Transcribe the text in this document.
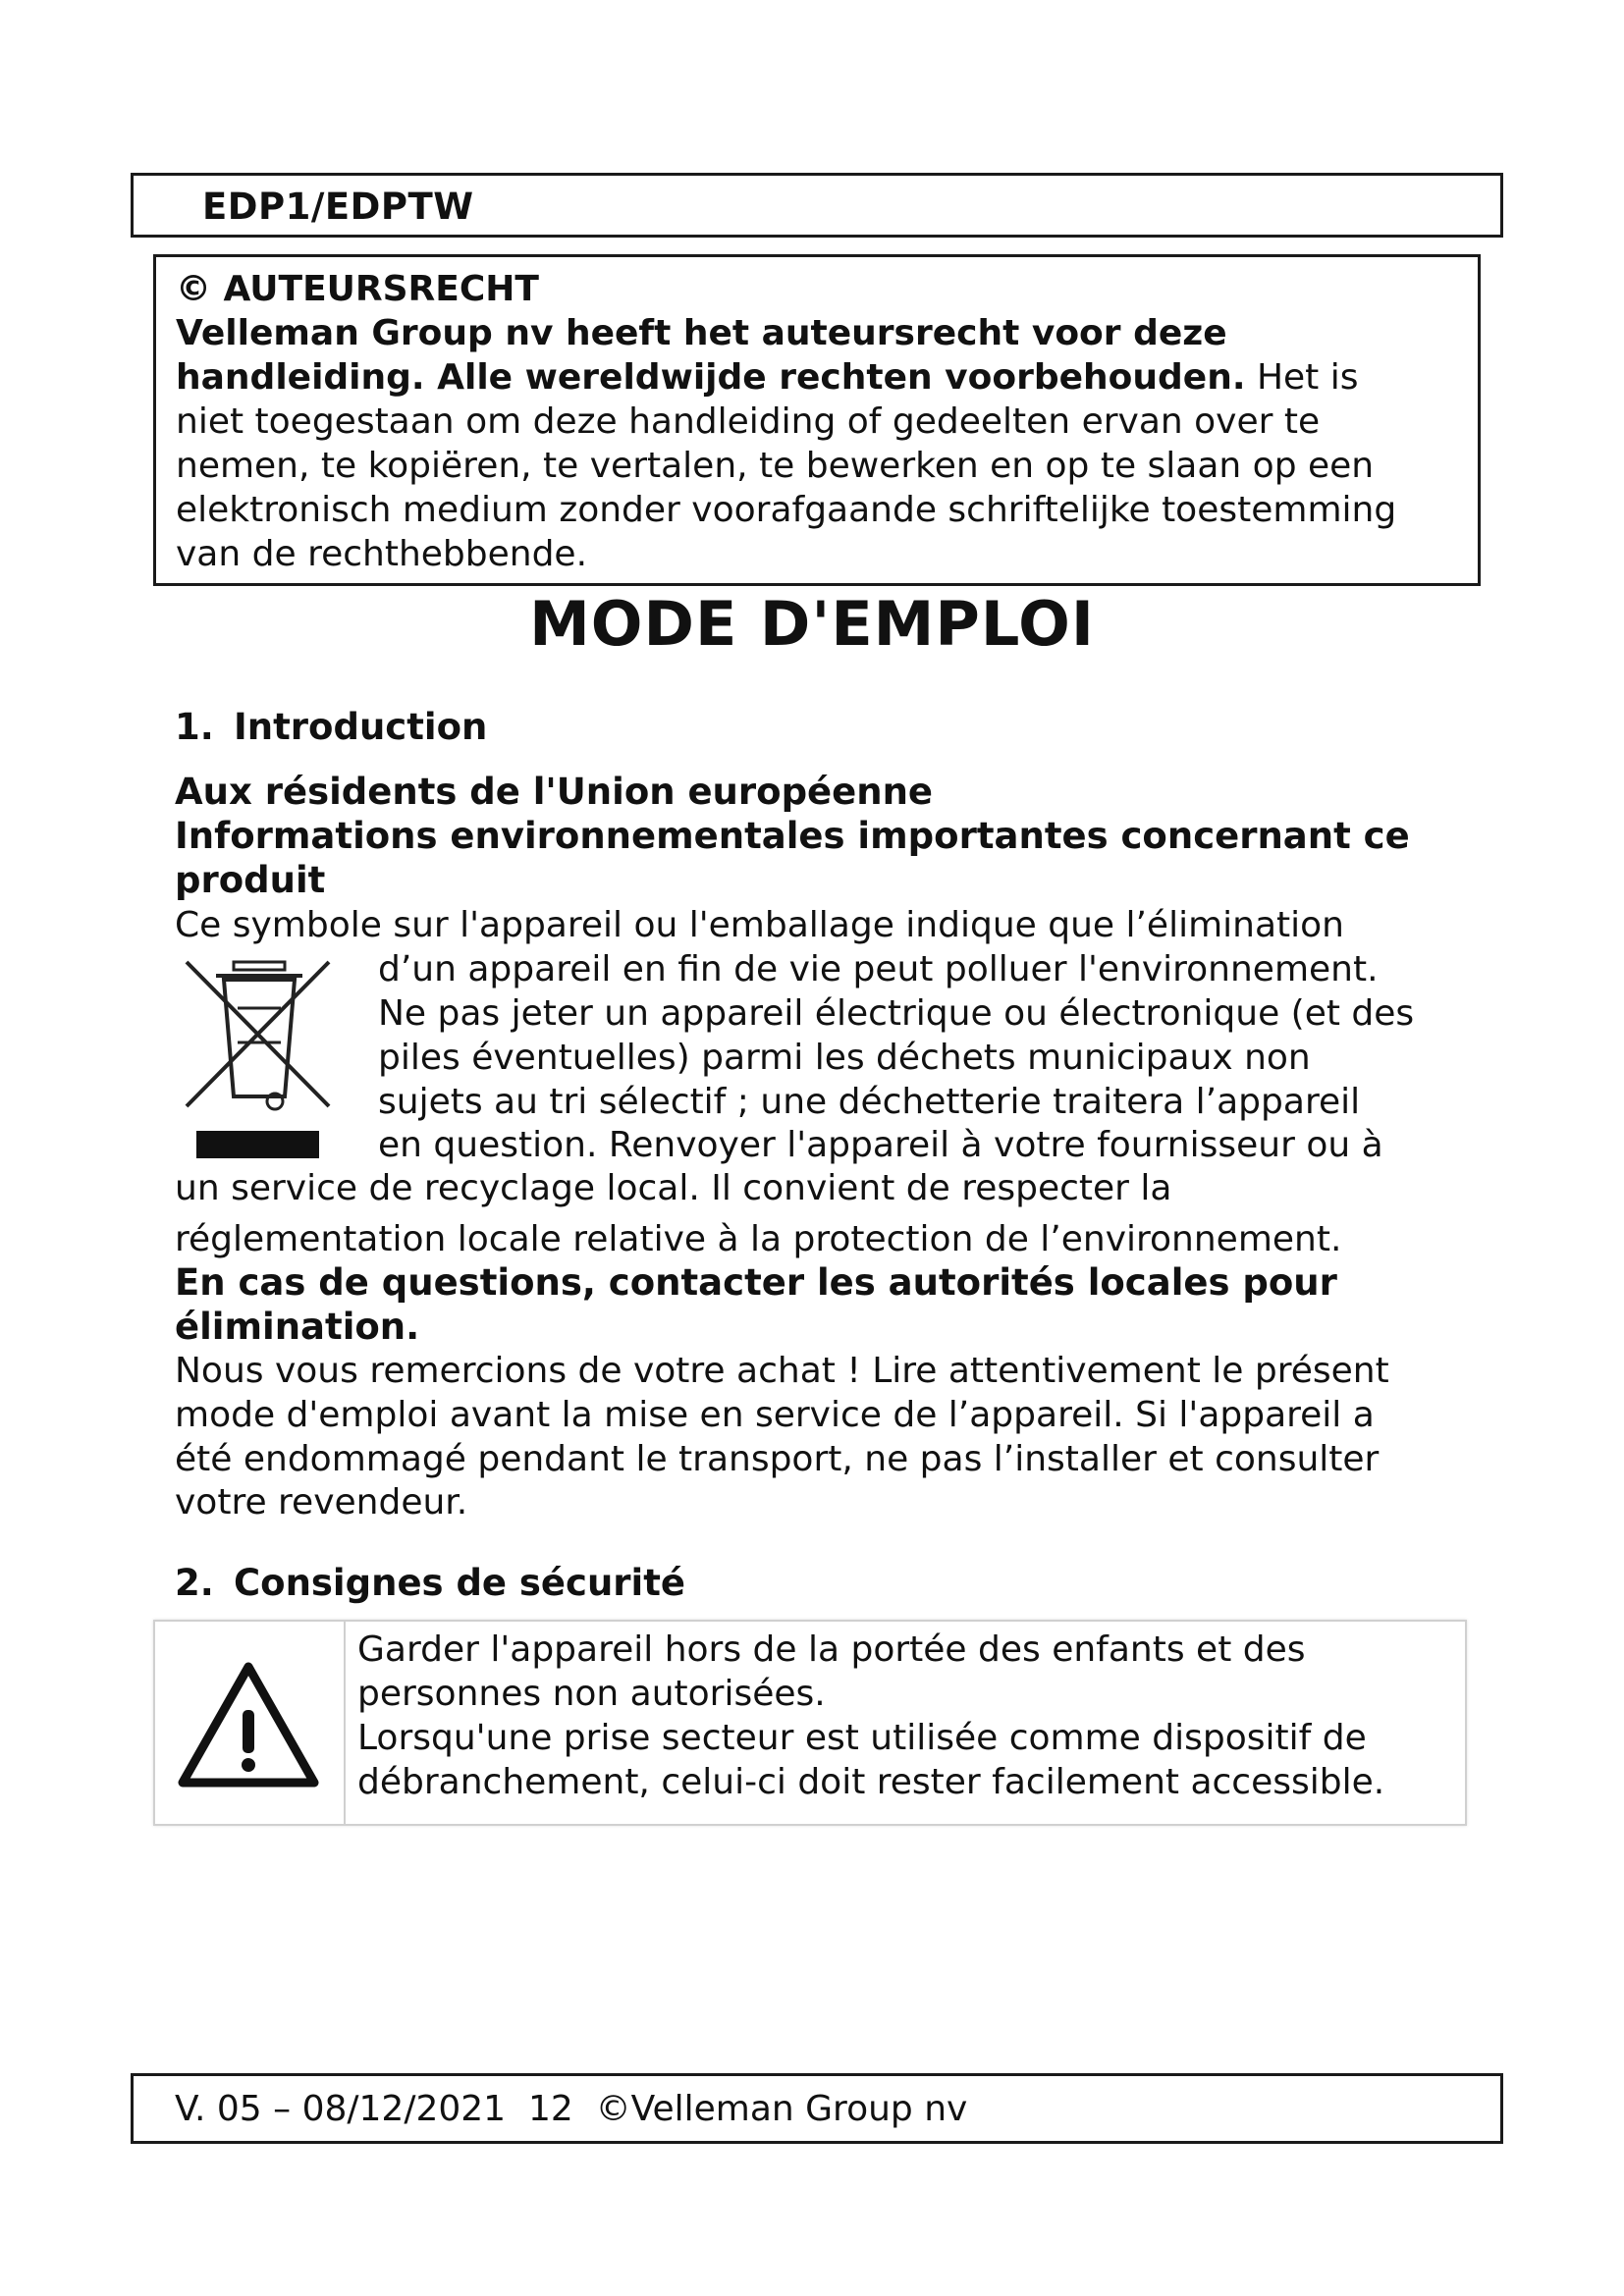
EDP1/EDPTW
© AUTEURSRECHT
Velleman Group nv heeft het auteursrecht voor deze
handleiding. Alle wereldwijde rechten voorbehouden. Het is
niet toegestaan om deze handleiding of gedeelten ervan over te
nemen, te kopiëren, te vertalen, te bewerken en op te slaan op een
elektronisch medium zonder voorafgaande schriftelijke toestemming
van de rechthebbende.
MODE D'EMPLOI
1. Introduction
Aux résidents de l'Union européenne
Informations environnementales importantes concernant ce
produit
Ce symbole sur l'appareil ou l'emballage indique que l’élimination
d’un appareil en fin de vie peut polluer l'environnement.
Ne pas jeter un appareil électrique ou électronique (et des
piles éventuelles) parmi les déchets municipaux non
sujets au tri sélectif ; une déchetterie traitera l’appareil
en question. Renvoyer l'appareil à votre fournisseur ou à
un service de recyclage local. Il convient de respecter la
réglementation locale relative à la protection de l’environnement.
En cas de questions, contacter les autorités locales pour
élimination.
Nous vous remercions de votre achat ! Lire attentivement le présent
mode d'emploi avant la mise en service de l’appareil. Si l'appareil a
été endommagé pendant le transport, ne pas l’installer et consulter
votre revendeur.
2. Consignes de sécurité
Garder l'appareil hors de la portée des enfants et des
personnes non autorisées.
Lorsqu'une prise secteur est utilisée comme dispositif de
débranchement, celui-ci doit rester facilement accessible.
V. 05 – 08/12/2021  12  ©Velleman Group nv
